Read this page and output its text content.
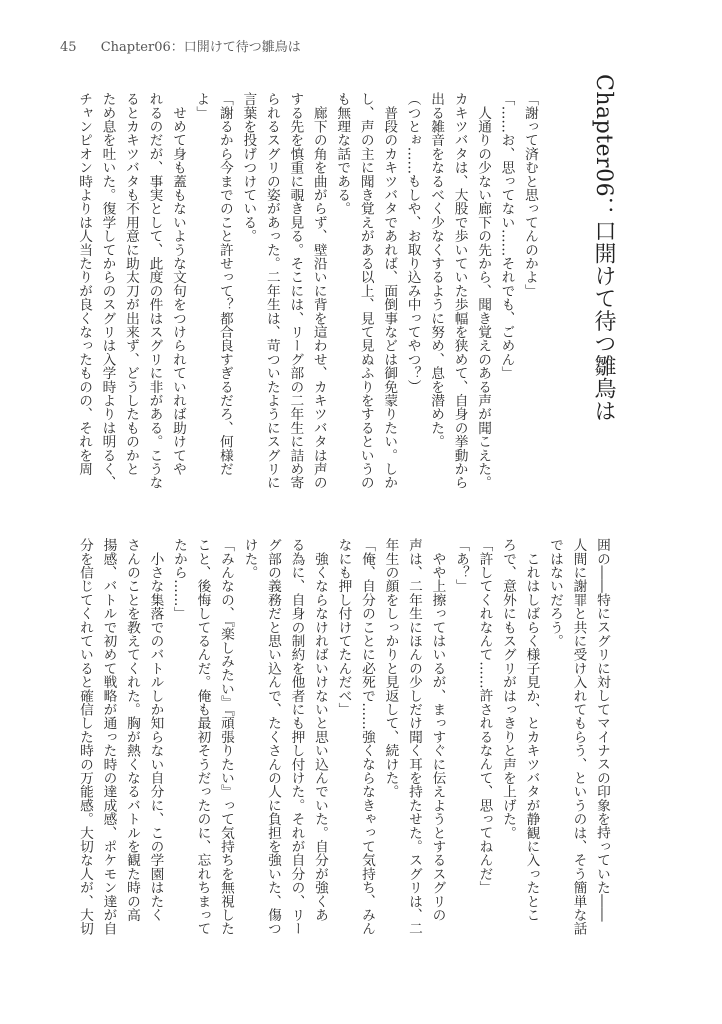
45 Chapter06：口開けて待つ雛鳥は
Chapter06：口開けて待つ雛鳥は
「謝って済むと思ってんのかよ」
「……お、思ってない……それでも、ごめん」
　人通りの少ない廊下の先から、聞き覚えのある声が聞こえた。
カキツバタは、大股で歩いていた歩幅を狭めて、自身の挙動から
出る雑音をなるべく少なくするように努め、息を潜めた。
（つとぉ……もしや、お取り込み中ってやつ？）
　普段のカキツバタであれば、面倒事などは御免蒙りたい。しか
し、声の主に聞き覚えがある以上、見て見ぬふりをするというの
も無理な話である。
　廊下の角を曲がらず、壁沿いに背を這わせ、カキツバタは声の
する先を慎重に覗き見る。そこには、リーグ部の二年生に詰め寄
られるスグリの姿があった。二年生は、苛ついたようにスグリに
言葉を投げつけている。
「謝るから今までのこと許せって？都合良すぎるだろ、何様だ
よ」
　せめて身も蓋もないような文句をつけられていれば助けてや
れるのだが、事実として、此度の件はスグリに非がある。こうな
るとカキツバタも不用意に助太刀が出来ず、どうしたものかと
ため息を吐いた。復学してからのスグリは入学時よりは明るく、
チャンピオン時よりは人当たりが良くなったものの、それを周
囲の――特にスグリに対してマイナスの印象を持っていた――
人間に謝罪と共に受け入れてもらう、というのは、そう簡単な話
ではないだろう。
　これはしばらく様子見か、とカキツバタが静観に入ったとこ
ろで、意外にもスグリがはっきりと声を上げた。
「許してくれなんて……許されるなんて、思ってねんだ」
「あ？」
　やや上擦ってはいるが、まっすぐに伝えようとするスグリの
声は、二年生にほんの少しだけ聞く耳を持たせた。スグリは、二
年生の顔をしっかりと見返して、続けた。
「俺、自分のことに必死で……強くならなきゃって気持ち、みん
なにも押し付けてたんだべ」
　強くならなければいけないと思い込んでいた。自分が強くあ
る為に、自身の制約を他者にも押し付けた。それが自分の、リー
グ部の義務だと思い込んで、たくさんの人に負担を強いた、傷つ
けた。
「みんなの、『楽しみたい』『頑張りたい』って気持ちを無視した
こと、後悔してるんだ。俺も最初そうだったのに、忘れちまって
たから……」
　小さな集落でのバトルしか知らない自分に、この学園はたく
さんのことを教えてくれた。胸が熱くなるバトルを観た時の高
揚感、バトルで初めて戦略が通った時の達成感、ポケモン達が自
分を信じてくれていると確信した時の万能感。大切な人が、大切
